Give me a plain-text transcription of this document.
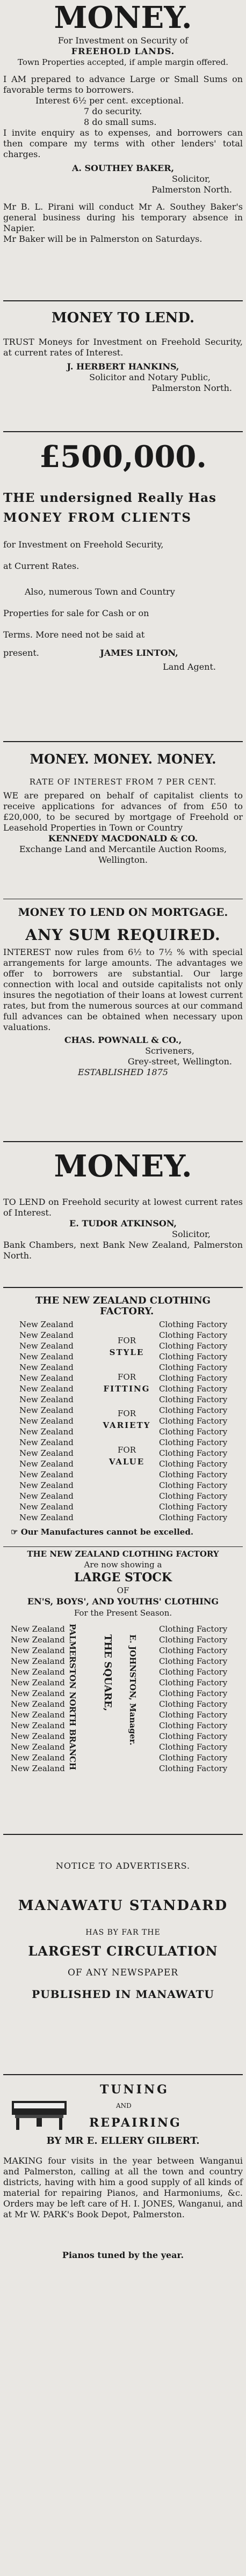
MONEY.

For Investment on Security of

FREEHOLD LANDS.

Town Properties accepted, if ample margin offered.

I AM prepared to advance Large or Small Sums on favorable terms to borrowers.

Interest 6½ per cent. exceptional.

7 do security.

8 do small sums.

I invite enquiry as to expenses, and borrowers can then compare my terms with other lenders' total charges.

A. SOUTHEY BAKER,

Solicitor,

Palmerston North.

Mr B. L. Pirani will conduct Mr A. Southey Baker's general business during his temporary absence in Napier.

Mr Baker will be in Palmerston on Saturdays.

MONEY TO LEND.

TRUST Moneys for Investment on Freehold Security, at current rates of Interest.

J. HERBERT HANKINS,

Solicitor and Notary Public,

Palmerston North.

£500,000.

THE undersigned Really Has

MONEY FROM CLIENTS

for Investment on Freehold Security,

at Current Rates.

Also, numerous Town and Country

Properties for sale for Cash or on

Terms. More need not be said at

present.	JAMES LINTON,

Land Agent.

MONEY. MONEY. MONEY.

RATE OF INTEREST FROM 7 PER CENT.

WE are prepared on behalf of capitalist clients to receive applications for advances of from £50 to £20,000, to be secured by mortgage of Freehold or Leasehold Properties in Town or Country

KENNEDY MACDONALD & CO.

Exchange Land and Mercantile Auction Rooms, Wellington.

MONEY TO LEND ON MORTGAGE.
ANY SUM REQUIRED.

INTEREST now rules from 6½ to 7½ % with special arrangements for large amounts. The advantages we offer to borrowers are substantial. Our large connection with local and outside capitalists not only insures the negotiation of their loans at lowest current rates, but from the numerous sources at our command full advances can be obtained when necessary upon valuations.

CHAS. POWNALL & CO.,

Scriveners,

Grey-street, Wellington.

ESTABLISHED 1875

MONEY.

TO LEND on Freehold security at lowest current rates of Interest.

E. TUDOR ATKINSON,

Solicitor,

Bank Chambers, next Bank New Zealand, Palmerston North.

THE NEW ZEALAND CLOTHING
FACTORY.
New Zealand
New Zealand
New Zealand
New Zealand
New Zealand
New Zealand
New Zealand
New Zealand
New Zealand
New Zealand
New Zealand
New Zealand
New Zealand
New Zealand
New Zealand
New Zealand
New Zealand
New Zealand
New Zealand
FOR
STYLE
FOR
FITTING
FOR
VARIETY
FOR
VALUE
Clothing Factory
Clothing Factory
Clothing Factory
Clothing Factory
Clothing Factory
Clothing Factory
Clothing Factory
Clothing Factory
Clothing Factory
Clothing Factory
Clothing Factory
Clothing Factory
Clothing Factory
Clothing Factory
Clothing Factory
Clothing Factory
Clothing Factory
Clothing Factory
Clothing Factory
☞ Our Manufactures cannot be excelled.
THE NEW ZEALAND CLOTHING FACTORY
Are now showing a
LARGE STOCK
OF
EN'S, BOYS', AND YOUTHS' CLOTHING
For the Present Season.
New Zealand
New Zealand
New Zealand
New Zealand
New Zealand
New Zealand
New Zealand
New Zealand
New Zealand
New Zealand
New Zealand
New Zealand
New Zealand
New Zealand PALMERSTON NORTH BRANCH	THE SQUARE, E. JOHNSTON, Manager.
Clothing Factory
Clothing Factory
Clothing Factory
Clothing Factory
Clothing Factory
Clothing Factory
Clothing Factory
Clothing Factory
Clothing Factory
Clothing Factory
Clothing Factory
Clothing Factory
Clothing Factory
Clothing Factory
NOTICE TO ADVERTISERS.
MANAWATU STANDARD
HAS BY FAR THE
LARGEST CIRCULATION
OF ANY NEWSPAPER
PUBLISHED IN MANAWATU
TUNING
AND
REPAIRING
BY MR E. ELLERY GILBERT.

MAKING four visits in the year between Wanganui and Palmerston, calling at all the town and country districts, having with him a good supply of all kinds of material for repairing Pianos, and Harmoniums, &c. Orders may be left care of H. I. JONES, Wanganui, and at Mr W. PARK's Book Depot, Palmerston.

Pianos tuned by the year.
